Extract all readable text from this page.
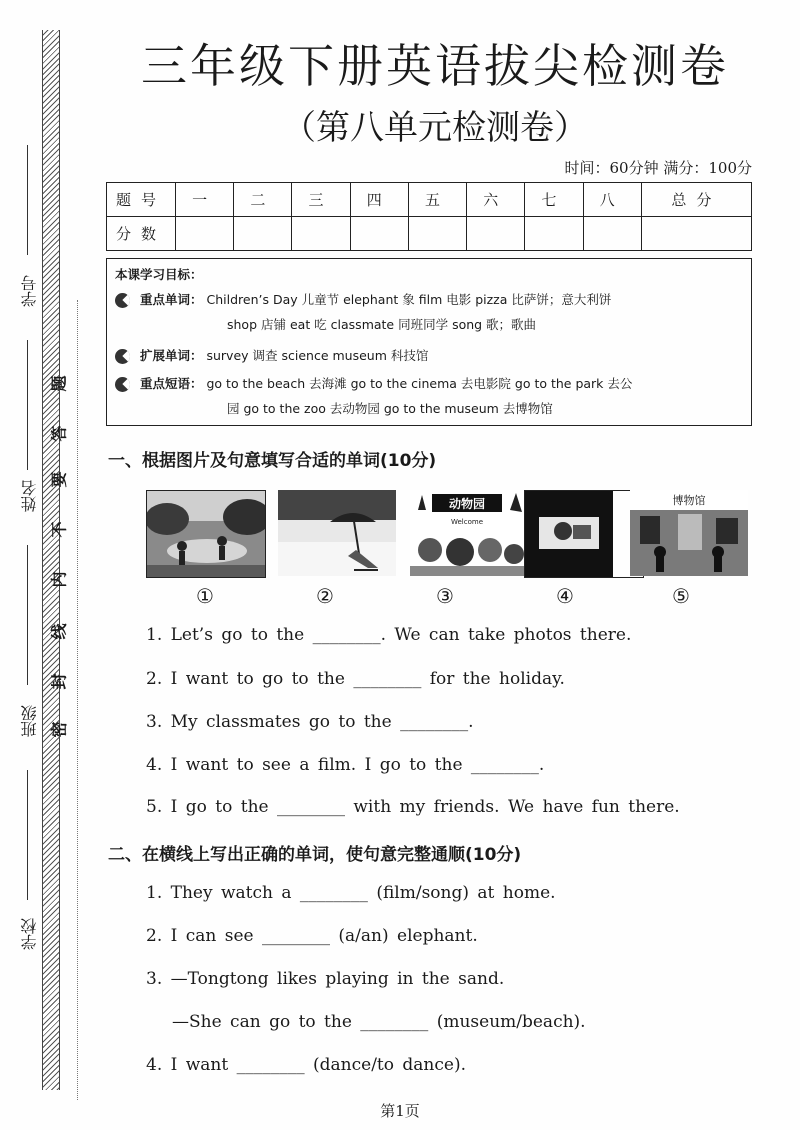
学号
姓名
班级
学校
题
答
要
不
内
线
封
密
三年级下册英语拔尖检测卷
（第八单元检测卷）
时间：60分钟 满分：100分
题号	一	二	三	四	五	六	七	八	总分
分数									
本课学习目标：
重点单词： Children’s Day 儿童节 elephant 象 film 电影 pizza 比萨饼；意大利饼
shop 店铺 eat 吃 classmate 同班同学 song 歌；歌曲
扩展单词： survey 调查 science museum 科技馆
重点短语： go to the beach 去海滩 go to the cinema 去电影院 go to the park 去公
园 go to the zoo 去动物园 go to the museum 去博物馆
一、根据图片及句意填写合适的单词(10分)
动物园
Welcome
博物馆
①	②	③	④	⑤
1. Let’s go to the ________. We can take photos there.
2. I want to go to the ________ for the holiday.
3. My classmates go to the ________.
4. I want to see a film. I go to the ________.
5. I go to the ________ with my friends. We have fun there.
二、在横线上写出正确的单词，使句意完整通顺(10分)
1. They watch a ________ (film/song) at home.
2. I can see ________ (a/an) elephant.
3. —Tongtong likes playing in the sand.
—She can go to the ________ (museum/beach).
4. I want ________ (dance/to dance).
第1页
